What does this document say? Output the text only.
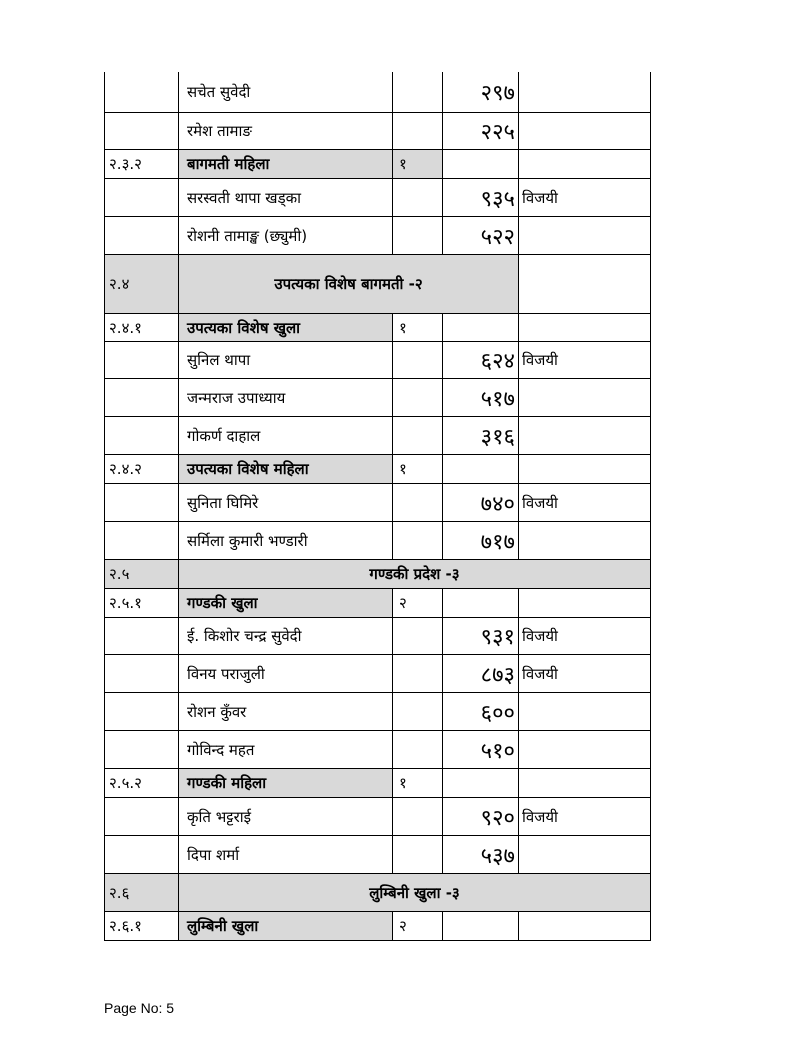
सचेत सुवेदी	२९७
रमेश तामाङ	२२५
२.३.२	बागमती महिला	१
सरस्वती थापा खड्का	९३५ विजयी
रोशनी तामाङ्ख (छ्युमी)	५२२
२.४	उपत्यका विशेष बागमती -२
२.४.१	उपत्यका विशेष खुला	१
सुनिल थापा	६२४ विजयी
जन्मराज उपाध्याय	५१७
गोकर्ण दाहाल	३१६
२.४.२	उपत्यका विशेष महिला	१
सुनिता घिमिरे	७४० विजयी
सर्मिला कुमारी भण्डारी	७१७
२.५	गण्डकी प्रदेश -३
२.५.१	गण्डकी खुला	२
ई. किशोर चन्द्र सुवेदी	९३१ विजयी
विनय पराजुली	८७३ विजयी
रोशन कुँवर	६००
गोविन्द महत	५१०
२.५.२	गण्डकी महिला	१
कृति भट्टराई	९२० विजयी
दिपा शर्मा	५३७
२.६	लुम्बिनी खुला -३
२.६.१	लुम्बिनी खुला	२
Page No: 5
